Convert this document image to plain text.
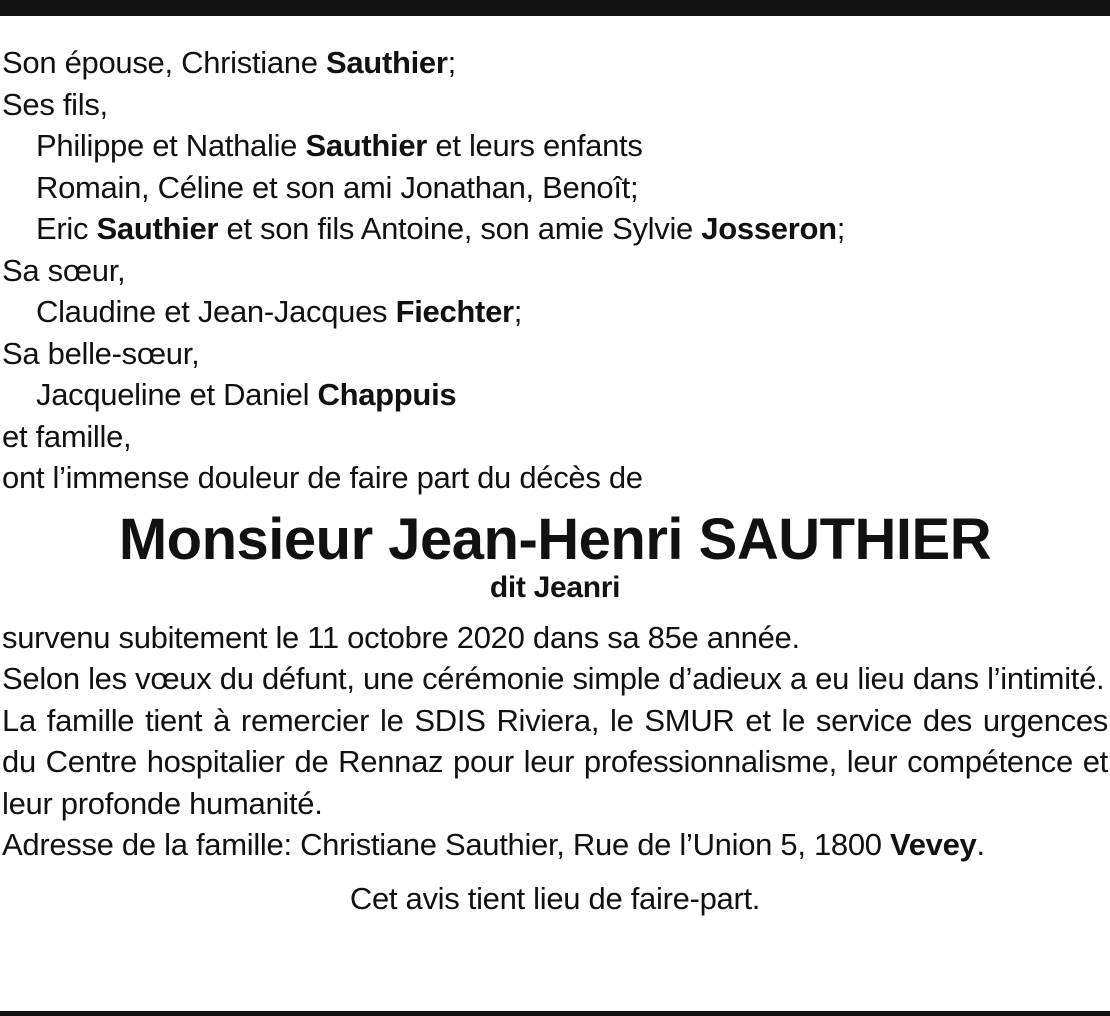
Son épouse, Christiane Sauthier;
Ses fils,
Philippe et Nathalie Sauthier et leurs enfants
Romain, Céline et son ami Jonathan, Benoît;
Eric Sauthier et son fils Antoine, son amie Sylvie Josseron;
Sa sœur,
Claudine et Jean-Jacques Fiechter;
Sa belle-sœur,
Jacqueline et Daniel Chappuis
et famille,
ont l’immense douleur de faire part du décès de
Monsieur Jean-Henri SAUTHIER
dit Jeanri
survenu subitement le 11 octobre 2020 dans sa 85e année.
Selon les vœux du défunt, une cérémonie simple d’adieux a eu lieu dans l’intimité.
La famille tient à remercier le SDIS Riviera, le SMUR et le service des urgences du Centre hospitalier de Rennaz pour leur professionnalisme, leur compétence et leur profonde humanité.
Adresse de la famille: Christiane Sauthier, Rue de l’Union 5, 1800 Vevey.
Cet avis tient lieu de faire-part.
